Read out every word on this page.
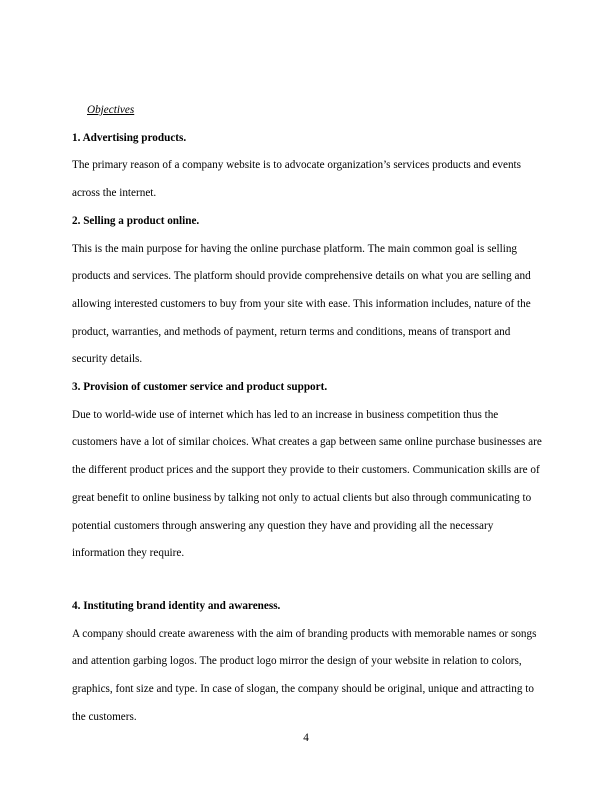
Objectives

1. Advertising products.

The primary reason of a company website is to advocate organization’s services products and events across the internet.

2. Selling a product online.

This is the main purpose for having the online purchase platform. The main common goal is selling products and services. The platform should provide comprehensive details on what you are selling and allowing interested customers to buy from your site with ease. This information includes, nature of the product, warranties, and methods of payment, return terms and conditions, means of transport and security details.

3. Provision of customer service and product support.

Due to world-wide use of internet which has led to an increase in business competition thus the customers have a lot of similar choices. What creates a gap between same online purchase businesses are the different product prices and the support they provide to their customers. Communication skills are of great benefit to online business by talking not only to actual clients but also through communicating to potential customers through answering any question they have and providing all the necessary information they require.

4. Instituting brand identity and awareness.

A company should create awareness with the aim of branding products with memorable names or songs and attention garbing logos. The product logo mirror the design of your website in relation to colors, graphics, font size and type. In case of slogan, the company should be original, unique and attracting to the customers.

4
